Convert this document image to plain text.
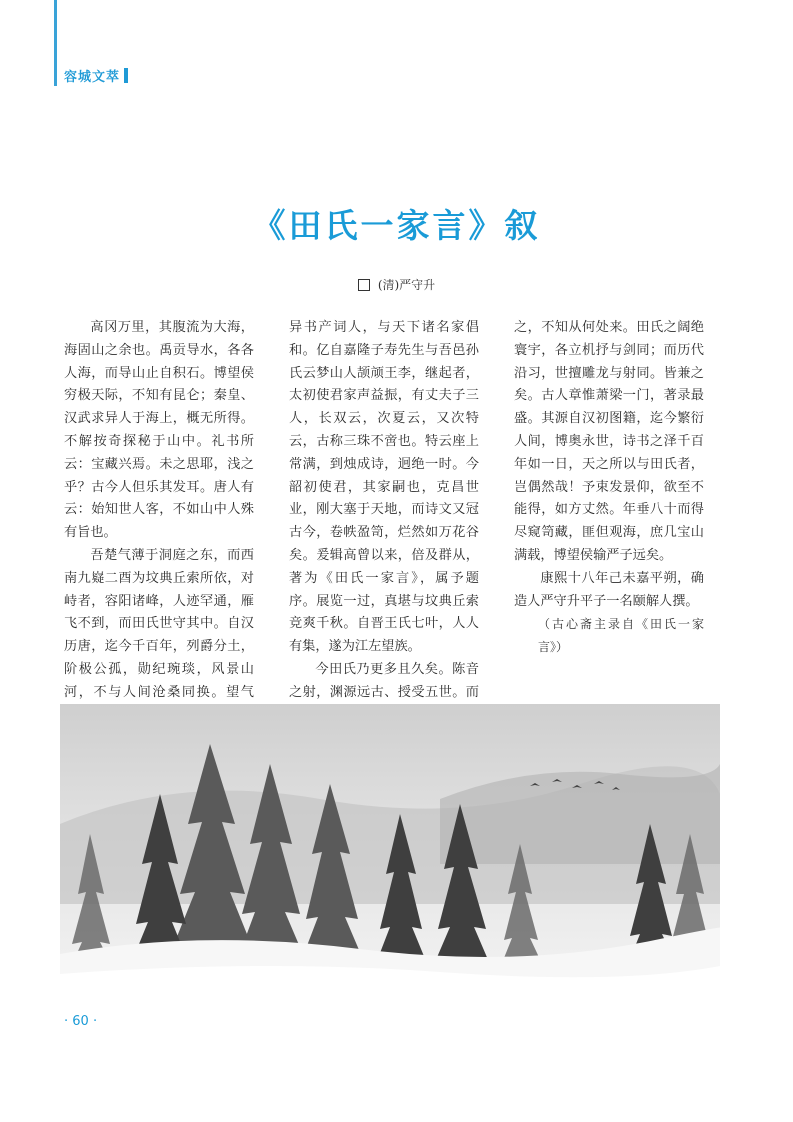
容城文萃
《田氏一家言》叙
(清)严守升

高冈万里，其腹流为大海，海固山之余也。禹贡导水，各各人海，而导山止自积石。博望侯穷极天际，不知有昆仑；秦皇、汉武求异人于海上，概无所得。不解按奇探秘于山中。礼书所云：宝藏兴焉。未之思耶，浅之乎？古今人但乐其发耳。唐人有云：始知世人客，不如山中人殊有旨也。

吾楚气薄于洞庭之东，而西南九嶷二酉为坟典丘索所依，对峙者，容阳诸峰，人迹罕通，雁飞不到，而田氏世守其中。自汉历唐，迄今千百年，列爵分土，阶极公孤，勋纪琬琰，风景山河，不与人间沧桑同换。望气

异书产词人，与天下诸名家倡和。亿自嘉隆子寿先生与吾邑孙氏云梦山人颉颃王李，继起者，太初使君家声益振，有丈夫子三人，长双云，次夏云，又次特云，古称三珠不啻也。特云座上常满，到烛成诗，迥绝一时。今韶初使君，其家嗣也，克昌世业，刚大塞于天地，而诗文又冠古今，卷帙盈笥，烂然如万花谷矣。爰辑高曾以来，倍及群从，著为《田氏一家言》，属予题序。展览一过，真堪与坟典丘索竞爽千秋。自晋王氏七叶，人人有集，遂为江左望族。

今田氏乃更多且久矣。陈音之射，渊源远古、授受五世。而

之，不知从何处来。田氏之阔绝寰宇，各立机抒与剑同；而历代沿习，世擅雕龙与射同。皆兼之矣。古人章惟萧梁一门，著录最盛。其源自汉初图籍，迄今繁衍人间，博奥永世，诗书之泽千百年如一日，天之所以与田氏者，岂偶然哉！予束发景仰，欲至不能得，如方丈然。年垂八十而得尽窥笥藏，匪但观海，庶几宝山满载，博望侯输严子远矣。

康熙十八年己未嘉平朔，确造人严守升平子一名颐解人撰。

（古心斋主录自《田氏一家言》）

· 60 ·
